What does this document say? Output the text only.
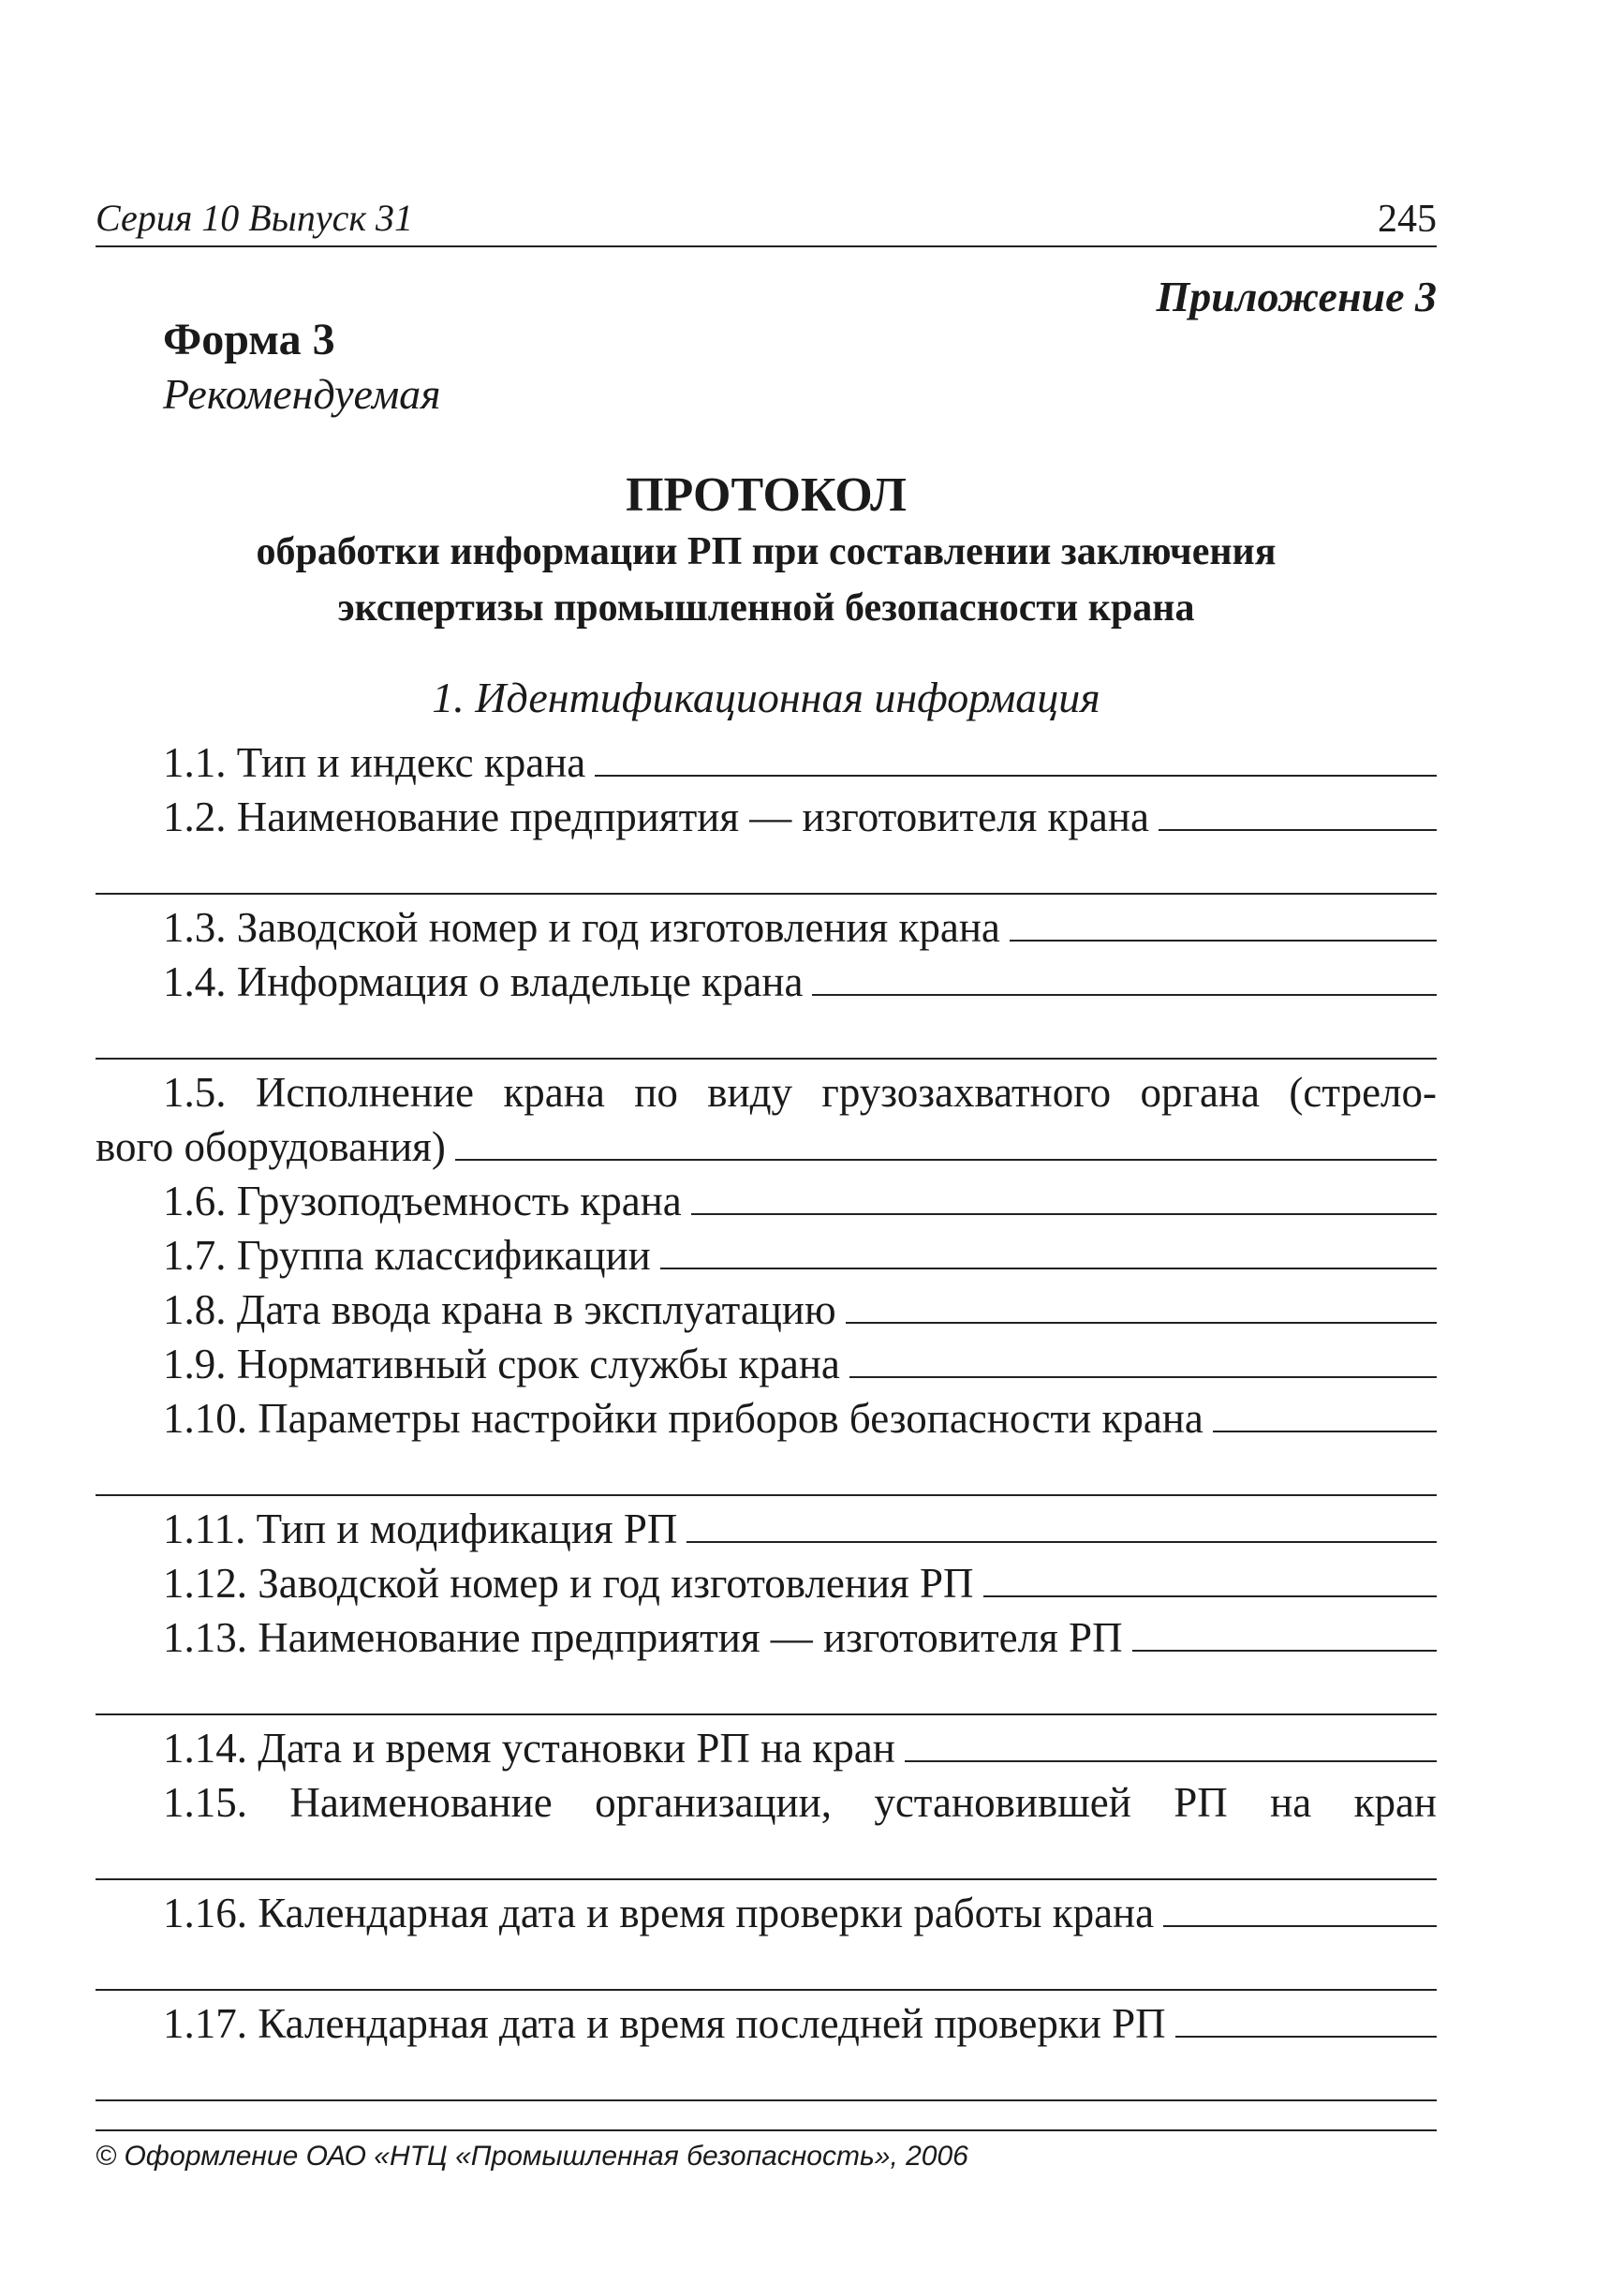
Серия 10 Выпуск 31	245
Приложение 3
Форма 3
Рекомендуемая
ПРОТОКОЛ
обработки информации РП при составлении заключения
экспертизы промышленной безопасности крана
1. Идентификационная информация
1.1. Тип и индекс крана
1.2. Наименование предприятия — изготовителя крана
1.3. Заводской номер и год изготовления крана
1.4. Информация о владельце крана
1.5. Исполнение крана по виду грузозахватного органа (стрело-
вого оборудования)
1.6. Грузоподъемность крана
1.7. Группа классификации
1.8. Дата ввода крана в эксплуатацию
1.9. Нормативный срок службы крана
1.10. Параметры настройки приборов безопасности крана
1.11. Тип и модификация РП
1.12. Заводской номер и год изготовления РП
1.13. Наименование предприятия — изготовителя РП
1.14. Дата и время установки РП на кран
1.15. Наименование организации, установившей РП на кран
1.16. Календарная дата и время проверки работы крана
1.17. Календарная дата и время последней проверки РП
© Оформление ОАО «НТЦ «Промышленная безопасность», 2006
